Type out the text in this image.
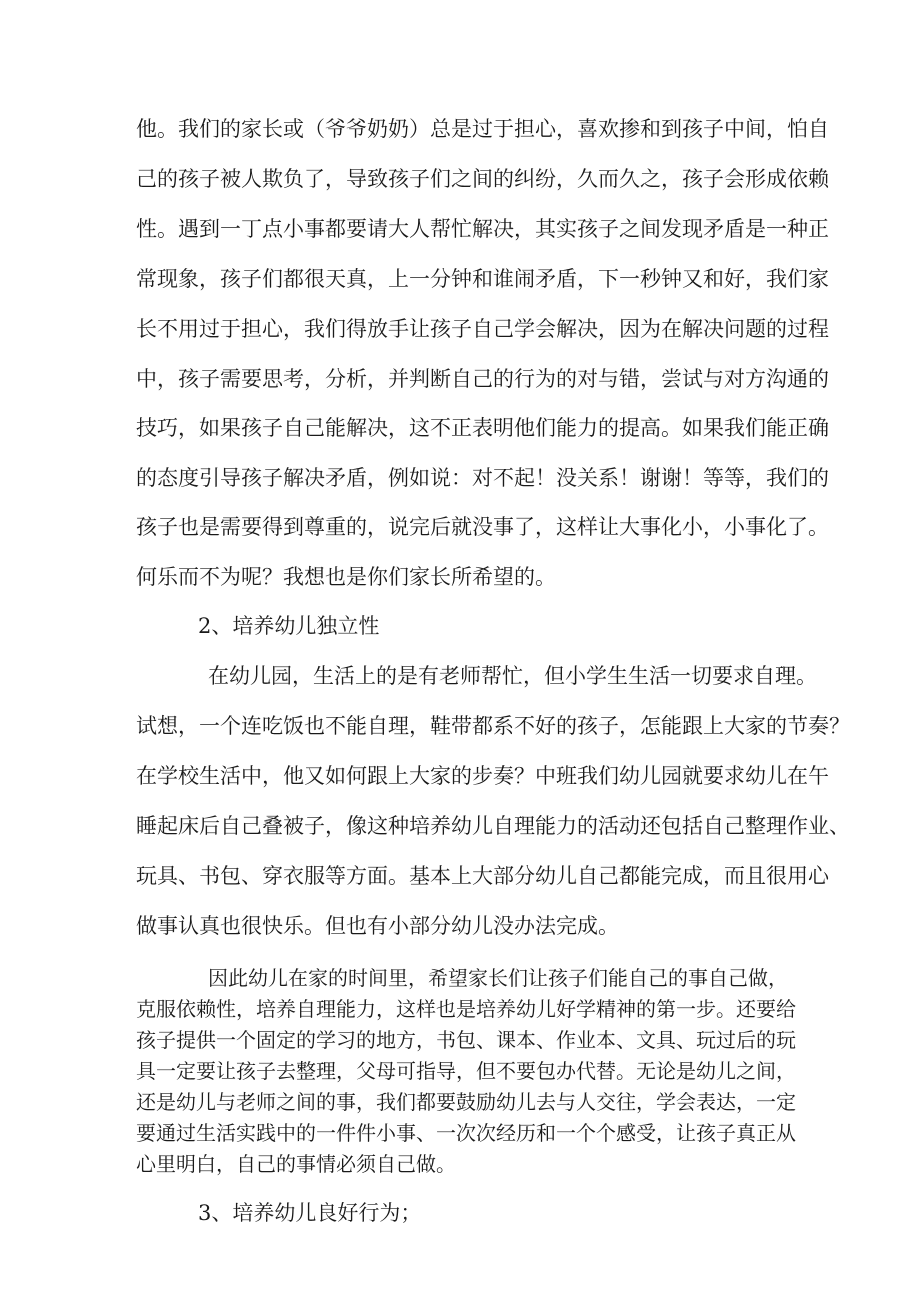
他。我们的家长或（爷爷奶奶）总是过于担心，喜欢掺和到孩子中间，怕自
己的孩子被人欺负了，导致孩子们之间的纠纷，久而久之，孩子会形成依赖
性。遇到一丁点小事都要请大人帮忙解决，其实孩子之间发现矛盾是一种正
常现象，孩子们都很天真，上一分钟和谁闹矛盾，下一秒钟又和好，我们家
长不用过于担心，我们得放手让孩子自己学会解决，因为在解决问题的过程
中，孩子需要思考，分析，并判断自己的行为的对与错，尝试与对方沟通的
技巧，如果孩子自己能解决，这不正表明他们能力的提高。如果我们能正确
的态度引导孩子解决矛盾，例如说：对不起！没关系！谢谢！等等，我们的
孩子也是需要得到尊重的，说完后就没事了，这样让大事化小，小事化了。
何乐而不为呢？我想也是你们家长所希望的。
2、培养幼儿独立性
在幼儿园，生活上的是有老师帮忙，但小学生生活一切要求自理。
试想，一个连吃饭也不能自理，鞋带都系不好的孩子，怎能跟上大家的节奏？
在学校生活中，他又如何跟上大家的步奏？中班我们幼儿园就要求幼儿在午
睡起床后自己叠被子，像这种培养幼儿自理能力的活动还包括自己整理作业、
玩具、书包、穿衣服等方面。基本上大部分幼儿自己都能完成，而且很用心
做事认真也很快乐。但也有小部分幼儿没办法完成。
因此幼儿在家的时间里，希望家长们让孩子们能自己的事自己做，
克服依赖性，培养自理能力，这样也是培养幼儿好学精神的第一步。还要给
孩子提供一个固定的学习的地方，书包、课本、作业本、文具、玩过后的玩
具一定要让孩子去整理，父母可指导，但不要包办代替。无论是幼儿之间，
还是幼儿与老师之间的事，我们都要鼓励幼儿去与人交往，学会表达，一定
要通过生活实践中的一件件小事、一次次经历和一个个感受，让孩子真正从
心里明白，自己的事情必须自己做。
3、培养幼儿良好行为；
